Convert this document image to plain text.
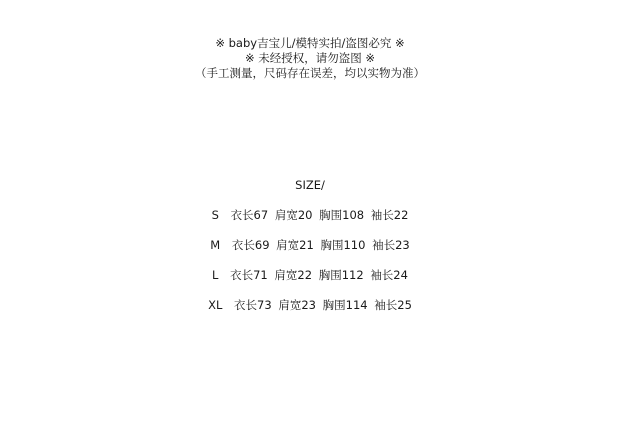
※ baby吉宝儿/模特实拍/盗图必究 ※
※ 未经授权，请勿盗图 ※
（手工测量，尺码存在误差，均以实物为准）
SIZE/
S 衣长67 肩宽20 胸围108 袖长22
M 衣长69 肩宽21 胸围110 袖长23
L 衣长71 肩宽22 胸围112 袖长24
XL 衣长73 肩宽23 胸围114 袖长25
